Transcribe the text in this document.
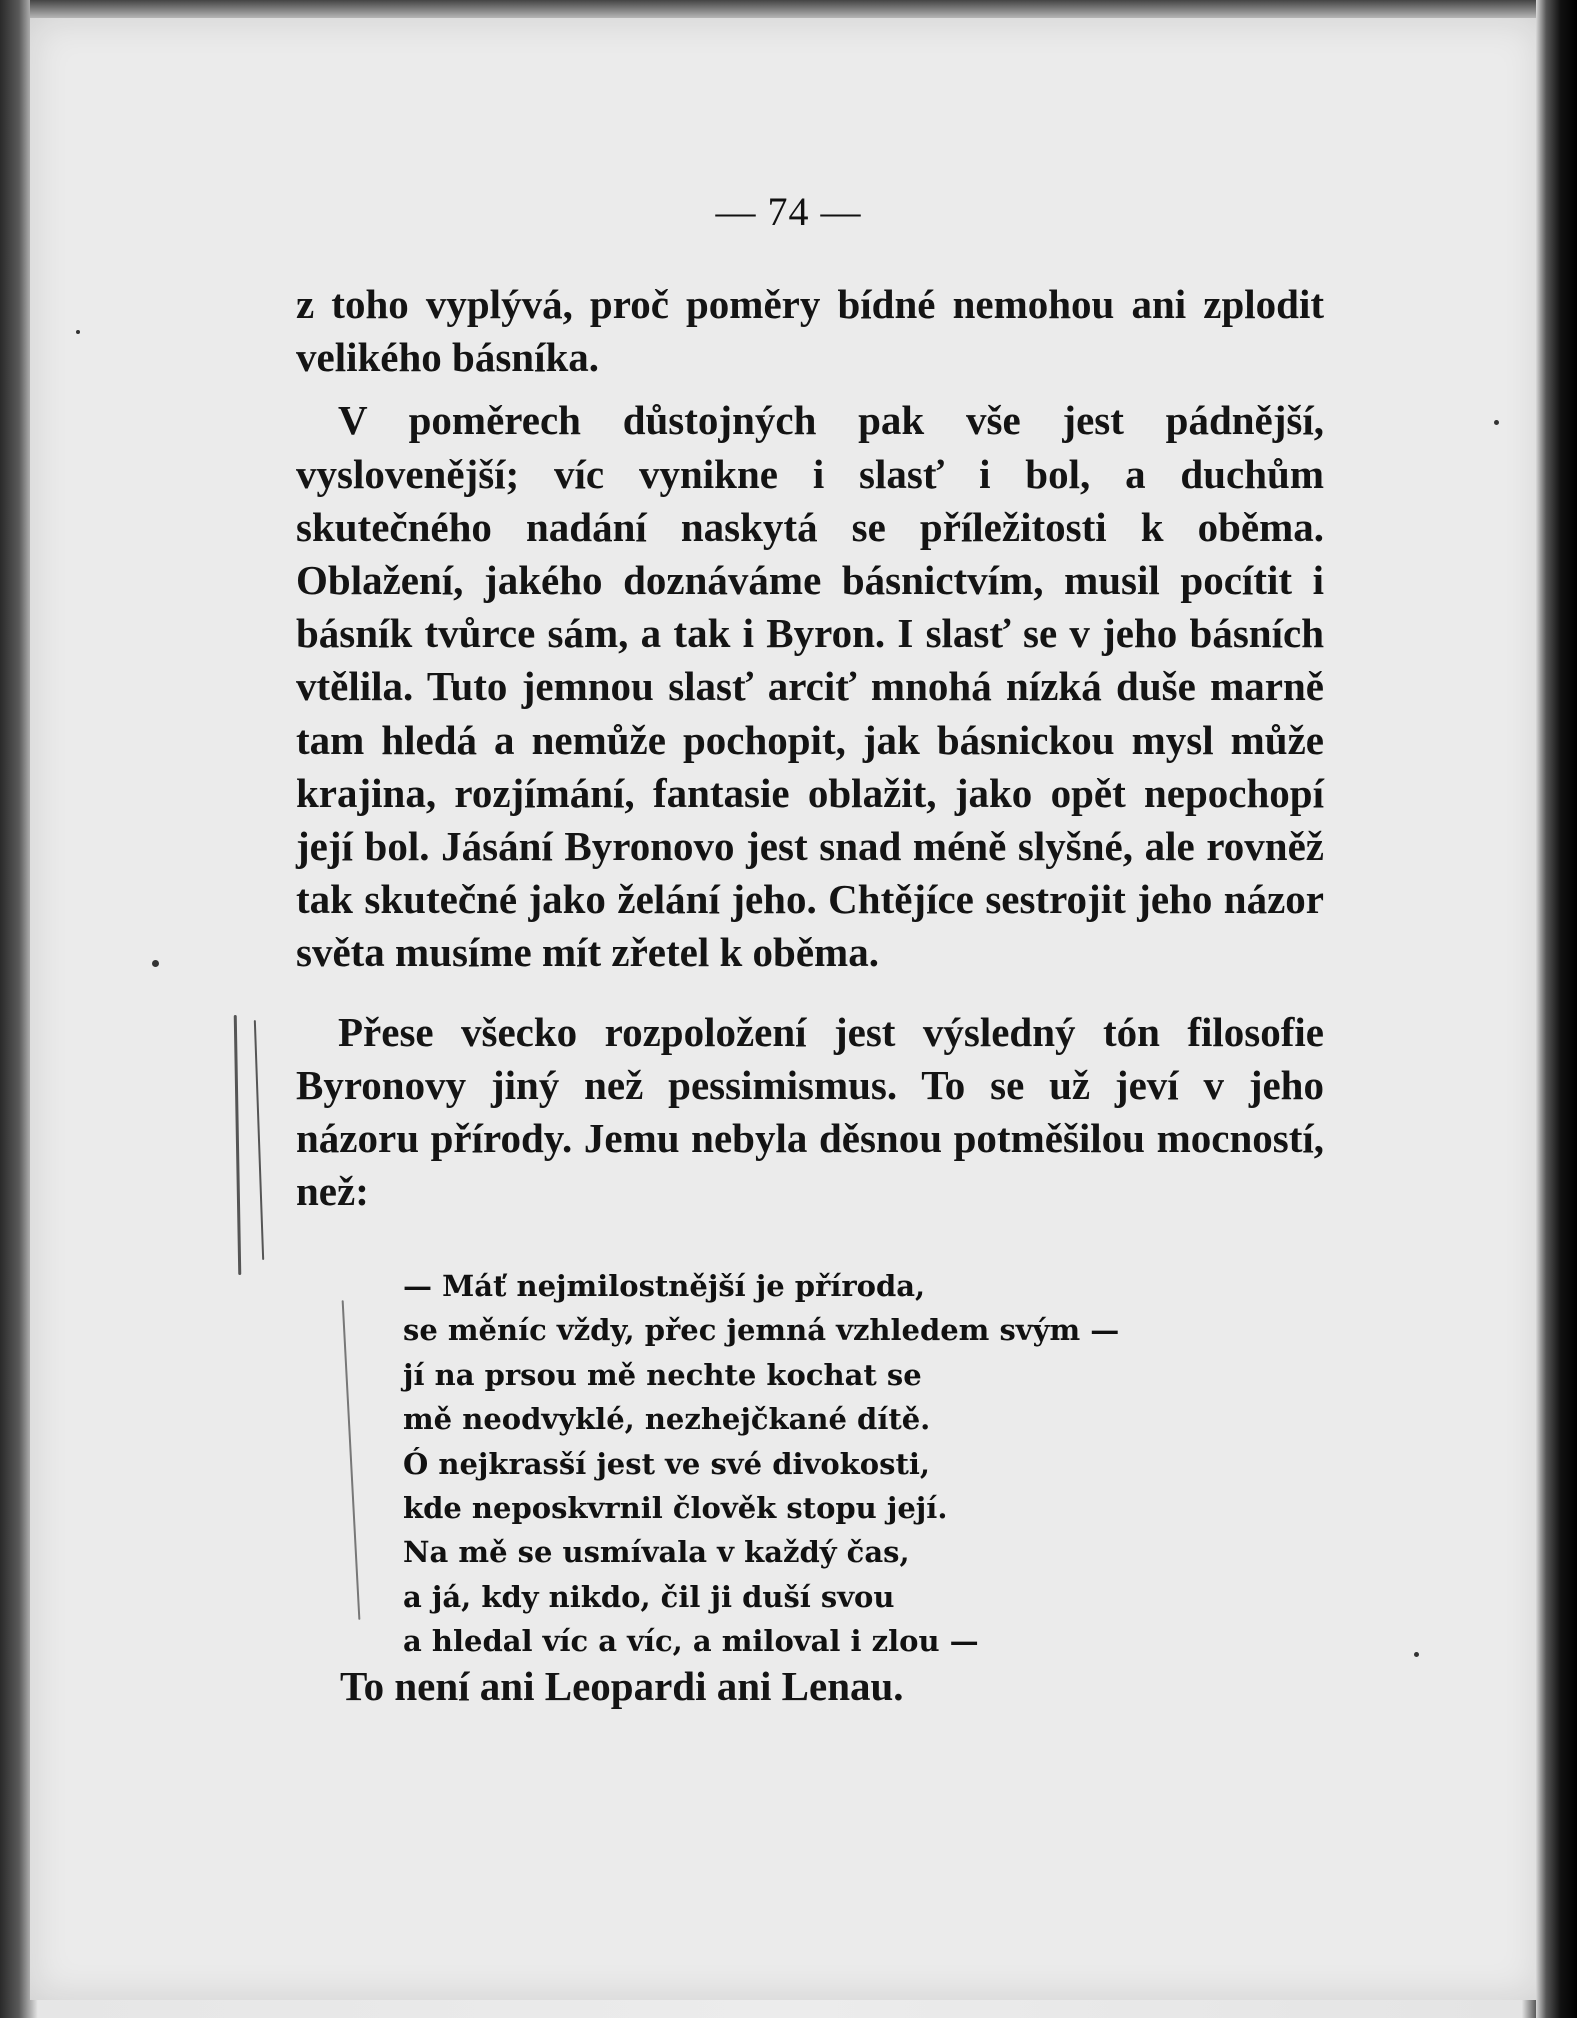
— 74 —

z toho vyplývá, proč poměry bídné nemohou ani zplodit velikého básníka.

V poměrech důstojných pak vše jest pádnější, vyslovenější; víc vynikne i slasť i bol, a duchům skutečného nadání naskytá se příležitosti k oběma. Oblažení, jakého doznáváme básnictvím, musil pocítit i básník tvůrce sám, a tak i Byron. I slasť se v jeho básních vtělila. Tuto jemnou slasť arciť mnohá nízká duše marně tam hledá a nemůže pochopit, jak básnickou mysl může krajina, rozjímání, fantasie oblažit, jako opět nepochopí její bol. Jásání Byronovo jest snad méně slyšné, ale rovněž tak skutečné jako želání jeho. Chtějíce sestrojit jeho názor světa musíme mít zřetel k oběma.

Přese všecko rozpoložení jest výsledný tón filosofie Byronovy jiný než pessimismus. To se už jeví v jeho názoru přírody. Jemu nebyla děsnou potměšilou mocností, než:

— Máť nejmilostnější je příroda,
se měníc vždy, přec jemná vzhledem svým —
jí na prsou mě nechte kochat se
mě neodvyklé, nezhejčkané dítě.
Ó nejkrasší jest ve své divokosti,
kde neposkvrnil člověk stopu její.
Na mě se usmívala v každý čas,
a já, kdy nikdo, čil ji duší svou
a hledal víc a víc, a miloval i zlou —
To není ani Leopardi ani Lenau.
